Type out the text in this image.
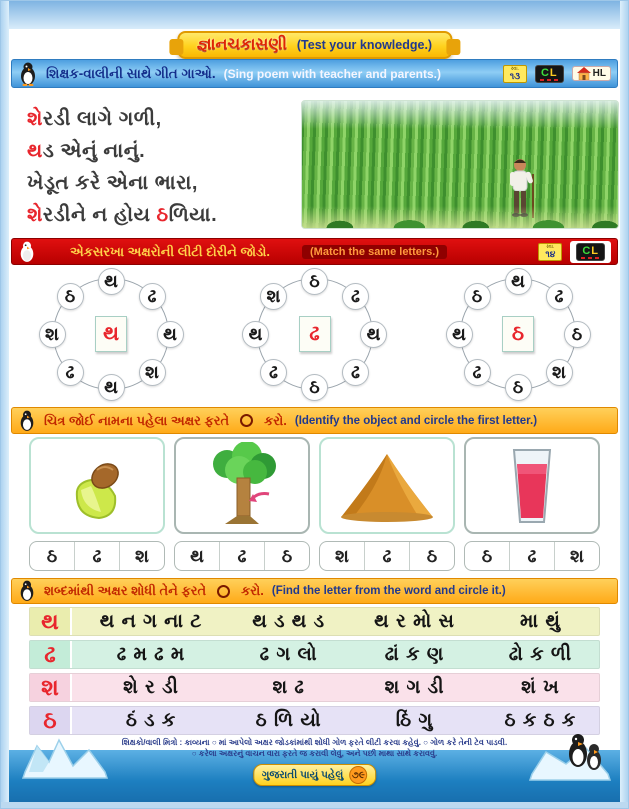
જ્ઞાનચકાસણી (Test your knowledge.)
શિક્ષક-વાલીની સાથે ગીત ગાઓ. (Sing poem with teacher and parents.)	સ્વા.
૧૩	CL	HL
શેરડી લાગે ગળી,
થડ એનું નાનું.
ખેડૂત કરે એના ભારા,
શેરડીને ન હોય ઠળિયા.
એકસરખા અક્ષરોની લીટી દોરીને જોડો.	(Match the same letters.)	સ્વા.
૧૪	CL
થ
ઢ
થ
શ
થ
ઢ
શ
ઠ
થ
ઠ
ઢ
થ
ઢ
ઠ
ઢ
થ
શ
ઢ
થ
ઢ
ઠ
શ
ઠ
ઢ
થ
ઠ
ઠ
ચિત્ર જોઈ નામના પહેલા અક્ષર ફરતે	કરો. (Identify the object and circle the first letter.)
ઠ	ઢ	શ	થ	ઢ	ઠ	શ	ઢ	ઠ	ઠ	ઢ	શ
શબ્દમાંથી અક્ષર શોધી તેને ફરતે	કરો. (Find the letter from the word and circle it.)
થ	થ ન ગ ના ટ	થ ડ થ ડ	થ ર મો સ	મા થું
ઢ	ઢ મ ઢ મ	ઢ ગ લો	ઢાં ક ણ	ઢો ક ળી
શ	શે ર ડી	શ ઢ	શ ગ ડી	શં ખ
ઠ	ઠં ડ ક	ઠ ળિ યો	ઠિં ગુ	ઠ ક ઠ ક
શિક્ષકો/વાલી મિત્રો : કાવ્યના ○ માં આપેલો અક્ષર જોડકાંમાંથી શોધી ગોળ ફરતે લીટી કરવા કહેવું. ○ ગોળ કરે તેની ટેવ પાડવી.
○ કરેલા અક્ષરનું વાચન વારા ફરતે જ કરાવી લેવું, અને પછી માથા સાથે કરાવવું.
ગુજરાતી પાયું પહેલું ૭૯
